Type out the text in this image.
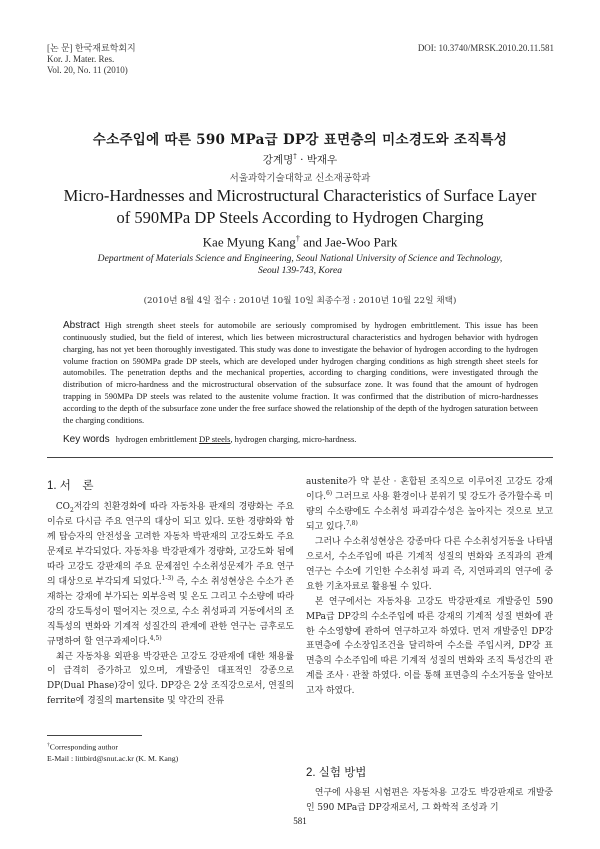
[논 문] 한국재료학회지
Kor. J. Mater. Res.
Vol. 20, No. 11 (2010)
DOI: 10.3740/MRSK.2010.20.11.581
수소주입에 따른 590 MPa급 DP강 표면층의 미소경도와 조직특성
강계명† · 박재우
서울과학기술대학교 신소재공학과
Micro-Hardnesses and Microstructural Characteristics of Surface Layer
of 590MPa DP Steels According to Hydrogen Charging
Kae Myung Kang† and Jae-Woo Park
Department of Materials Science and Engineering, Seoul National University of Science and Technology,
Seoul 139-743, Korea
(2010년 8월 4일 접수 : 2010년 10월 10일 최종수정 : 2010년 10월 22일 채택)
Abstract High strength sheet steels for automobile are seriously compromised by hydrogen embrittlement. This issue has been continuously studied, but the field of interest, which lies between microstructural characteristics and hydrogen behavior with hydrogen charging, has not yet been thoroughly investigated. This study was done to investigate the behavior of hydrogen according to the hydrogen volume fraction on 590MPa grade DP steels, which are developed under hydrogen charging conditions as high strength sheet steels for automobiles. The penetration depths and the mechanical properties, according to charging conditions, were investigated through the distribution of micro-hardness and the microstructural observation of the subsurface zone. It was found that the amount of hydrogen trapping in 590MPa DP steels was related to the austenite volume fraction. It was confirmed that the distribution of micro-hardnesses according to the depth of the subsurface zone under the free surface showed the relationship of the depth of the hydrogen saturation between the charging conditions.
Key words hydrogen embrittlement DP steels, hydrogen charging, micro-hardness.
1. 서　론

$CO_2$저감의 친환경화에 따라 자동차용 판재의 경량화는 주요 이슈로 다시금 주요 연구의 대상이 되고 있다. 또한 경량화와 함께 탑승자의 안전성을 고려한 자동차 박판재의 고강도화도 주요 문제로 부각되었다. 자동차용 박강판재가 경량화, 고강도화 됨에 따라 고강도 강판재의 주요 문제점인 수소취성문제가 주요 연구의 대상으로 부각되게 되었다.$^{1-3)}$ 즉, 수소 취성현상은 수소가 존재하는 강재에 부가되는 외부응력 및 온도 그리고 수소량에 따라 강의 강도특성이 떨어지는 것으로, 수소 취성파괴 거동에서의 조직특성의 변화와 기계적 성질간의 관계에 관한 연구는 금후로도 규명하여 할 연구과제이다.$^{4,5)}$

최근 자동차용 외판용 박강판은 고강도 강판재에 대한 채용률이 급격히 증가하고 있으며, 개발중인 대표적인 강종으로 DP(Dual Phase)강이 있다. DP강은 2상 조직강으로서, 연질의 ferrite에 경질의 martensite 및 약간의 잔류

austenite가 약 분산 · 혼합된 조직으로 이루어진 고강도 강재이다.$^{6)}$ 그러므로 사용 환경이나 분위기 및 강도가 증가할수록 미량의 수소량에도 수소취성 파괴감수성은 높아지는 것으로 보고되고 있다.$^{7,8)}$

그러나 수소취성현상은 강종마다 다른 수소취성거동을 나타냄으로서, 수소주입에 따른 기계적 성질의 변화와 조직과의 관계 연구는 수소에 기인한 수소취성 파괴 즉, 지연파괴의 연구에 중요한 기초자료로 활용될 수 있다.

본 연구에서는 자동차용 고강도 박강판재로 개발중인 590 MPa급 DP강의 수소주입에 따른 강재의 기계적 성질 변화에 관한 수소영향에 관하여 연구하고자 하였다. 먼저 개발중인 DP강 표면층에 수소장입조건을 달리하여 수소를 주입시켜, DP강 표면층의 수소주입에 따른 기계적 성질의 변화와 조직 특성간의 관계를 조사 · 관찰 하였다. 이를 통해 표면층의 수소거동을 알아보고자 하였다.

2. 실험 방법

연구에 사용된 시험편은 자동차용 고강도 박강판재로 개발중인 590 MPa급 DP강재로서, 그 화학적 조성과 기

†Corresponding author
E-Mail : littbird@snut.ac.kr (K. M. Kang)
581
